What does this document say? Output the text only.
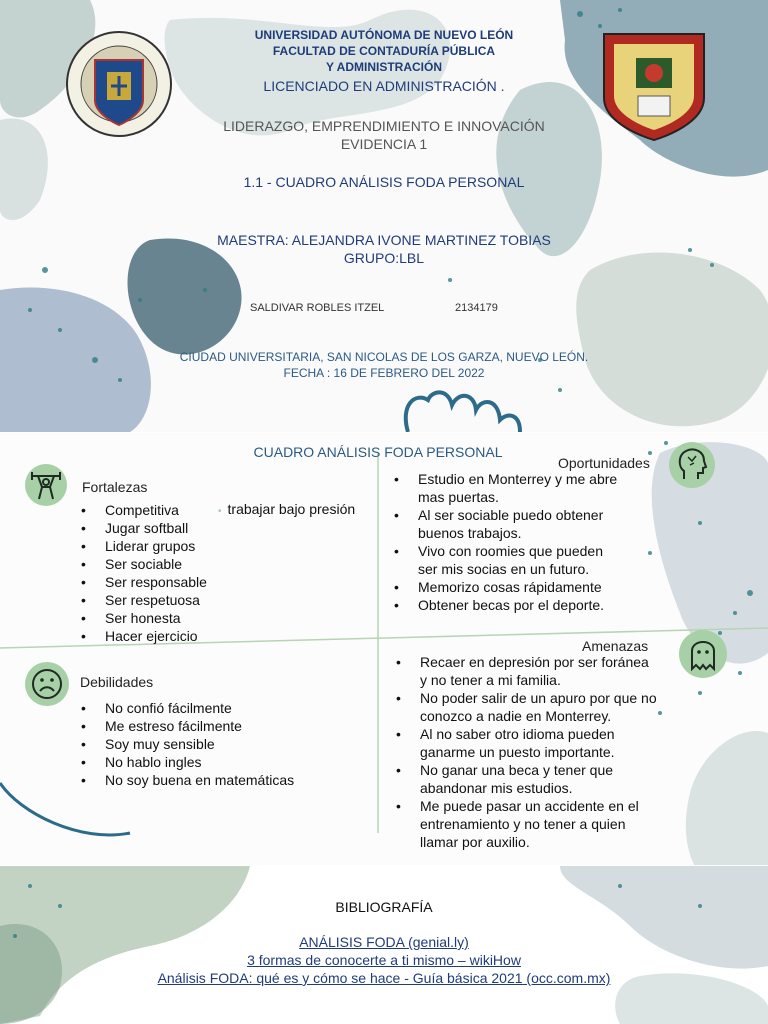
UNIVERSIDAD AUTÓNOMA DE NUEVO LEÓN
FACULTAD DE CONTADURÍA PÚBLICA
Y ADMINISTRACIÓN
LICENCIADO EN ADMINISTRACIÓN .
LIDERAZGO, EMPRENDIMIENTO E INNOVACIÓN
EVIDENCIA 1
1.1 - CUADRO ANÁLISIS FODA PERSONAL
MAESTRA: ALEJANDRA IVONE MARTINEZ TOBIAS
GRUPO:LBL
SALDIVAR ROBLES ITZEL	2134179
CIUDAD UNIVERSITARIA, SAN NICOLAS DE LOS GARZA, NUEVO LEÓN.
FECHA : 16 DE FEBRERO DEL 2022
CUADRO ANÁLISIS FODA PERSONAL
Fortalezas
• Competitiva
• Jugar softball
• Liderar grupos
• Ser sociable
• Ser responsable
• Ser respetuosa
• Ser honesta
• Hacer ejercicio
• trabajar bajo presión
Oportunidades
• Estudio en Monterrey y me abre
mas puertas.
• Al ser sociable puedo obtener
buenos trabajos.
• Vivo con roomies que pueden
ser mis socias en un futuro.
• Memorizo cosas rápidamente
• Obtener becas por el deporte.
Debilidades
• No confió fácilmente
• Me estreso fácilmente
• Soy muy sensible
• No hablo ingles
• No soy buena en matemáticas
Amenazas
• Recaer en depresión por ser foránea
y no tener a mi familia.
• No poder salir de un apuro por que no
conozco a nadie en Monterrey.
• Al no saber otro idioma pueden
ganarme un puesto importante.
• No ganar una beca y tener que
abandonar mis estudios.
• Me puede pasar un accidente en el
entrenamiento y no tener a quien
llamar por auxilio.
BIBLIOGRAFÍA
ANÁLISIS FODA (genial.ly)
3 formas de conocerte a ti mismo – wikiHow
Análisis FODA: qué es y cómo se hace - Guía básica 2021 (occ.com.mx)
